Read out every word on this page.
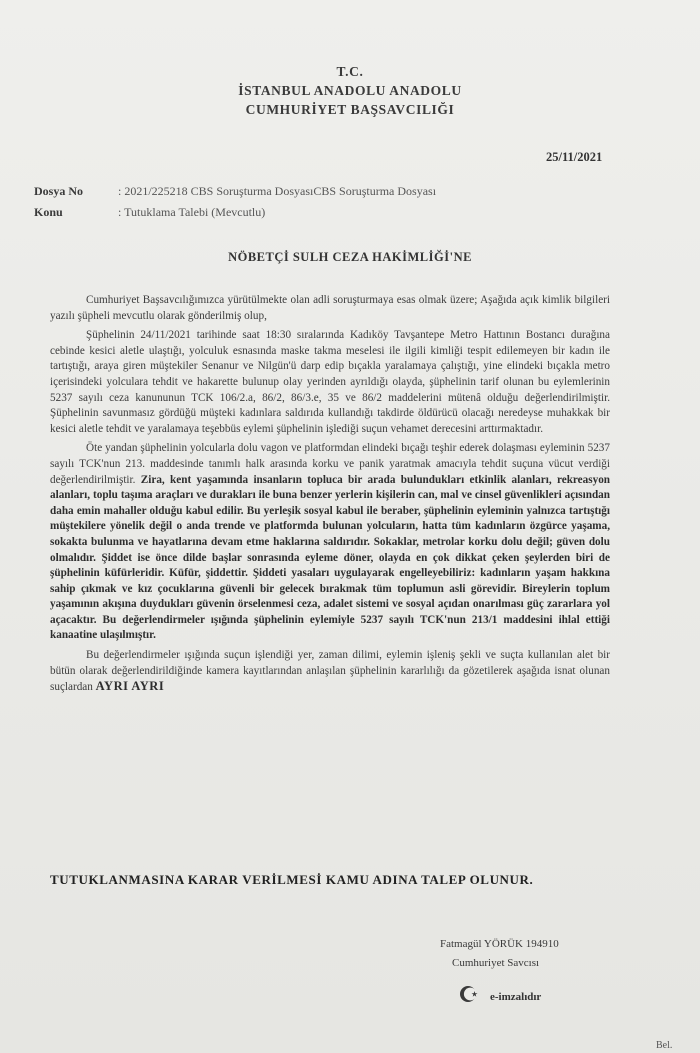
T.C.
İSTANBUL ANADOLU ANADOLU
CUMHURİYET BAŞSAVCILIĞI
25/11/2021
Dosya No	: 2021/225218 CBS Soruşturma DosyasıCBS Soruşturma Dosyası
Konu	: Tutuklama Talebi (Mevcutlu)
NÖBETÇİ SULH CEZA HAKİMLİĞİ'NE

Cumhuriyet Başsavcılığımızca yürütülmekte olan adli soruşturmaya esas olmak üzere; Aşağıda açık kimlik bilgileri yazılı şüpheli mevcutlu olarak gönderilmiş olup,

Şüphelinin 24/11/2021 tarihinde saat 18:30 sıralarında Kadıköy Tavşantepe Metro Hattının Bostancı durağına cebinde kesici aletle ulaştığı, yolculuk esnasında maske takma meselesi ile ilgili kimliği tespit edilemeyen bir kadın ile tartıştığı, araya giren müştekiler Senanur ve Nilgün'ü darp edip bıçakla yaralamaya çalıştığı, yine elindeki bıçakla metro içerisindeki yolculara tehdit ve hakarette bulunup olay yerinden ayrıldığı olayda, şüphelinin tarif olunan bu eylemlerinin 5237 sayılı ceza kanununun TCK 106/2.a, 86/2, 86/3.e, 35 ve 86/2 maddelerini mütenâ olduğu değerlendirilmiştir. Şüphelinin savunmasız gördüğü müşteki kadınlara saldırıda kullandığı takdirde öldürücü olacağı neredeyse muhakkak bir kesici aletle tehdit ve yaralamaya teşebbüs eylemi şüphelinin işlediği suçun vehamet derecesini arttırmaktadır.

Öte yandan şüphelinin yolcularla dolu vagon ve platformdan elindeki bıçağı teşhir ederek dolaşması eyleminin 5237 sayılı TCK'nun 213. maddesinde tanımlı halk arasında korku ve panik yaratmak amacıyla tehdit suçuna vücut verdiği değerlendirilmiştir. Zira, kent yaşamında insanların topluca bir arada bulundukları etkinlik alanları, rekreasyon alanları, toplu taşıma araçları ve durakları ile buna benzer yerlerin kişilerin can, mal ve cinsel güvenlikleri açısından daha emin mahaller olduğu kabul edilir. Bu yerleşik sosyal kabul ile beraber, şüphelinin eyleminin yalnızca tartıştığı müştekilere yönelik değil o anda trende ve platformda bulunan yolcuların, hatta tüm kadınların özgürce yaşama, sokakta bulunma ve hayatlarına devam etme haklarına saldırıdır. Sokaklar, metrolar korku dolu değil; güven dolu olmalıdır. Şiddet ise önce dilde başlar sonrasında eyleme döner, olayda en çok dikkat çeken şeylerden biri de şüphelinin küfürleridir. Küfür, şiddettir. Şiddeti yasaları uygulayarak engelleyebiliriz: kadınların yaşam hakkına sahip çıkmak ve kız çocuklarına güvenli bir gelecek bırakmak tüm toplumun asli görevidir. Bireylerin toplum yaşamının akışına duydukları güvenin örselenmesi ceza, adalet sistemi ve sosyal açıdan onarılması güç zararlara yol açacaktır. Bu değerlendirmeler ışığında şüphelinin eylemiyle 5237 sayılı TCK'nun 213/1 maddesini ihlal ettiği kanaatine ulaşılmıştır.

Bu değerlendirmeler ışığında suçun işlendiği yer, zaman dilimi, eylemin işleniş şekli ve suçta kullanılan alet bir bütün olarak değerlendirildiğinde kamera kayıtlarından anlaşılan şüphelinin kararlılığı da gözetilerek aşağıda isnat olunan suçlardan AYRI AYRI

TUTUKLANMASINA KARAR VERİLMESİ KAMU ADINA TALEP OLUNUR.
Fatmagül YÖRÜK 194910
Cumhuriyet Savcısı
e-imzalıdır
Bel.
